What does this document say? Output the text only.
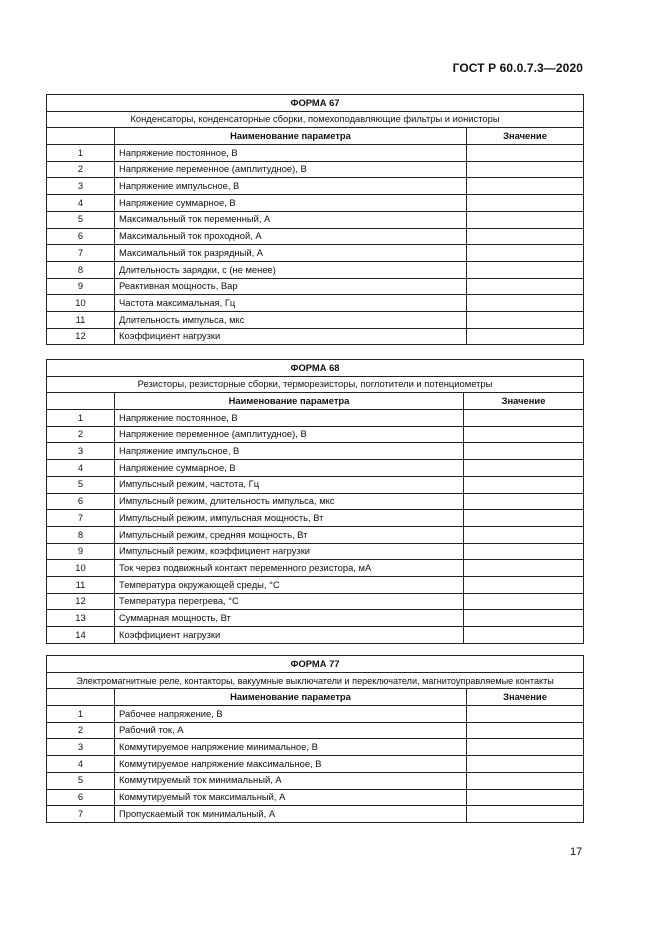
ГОСТ Р 60.0.7.3—2020
ФОРМА 67		
Конденсаторы, конденсаторные сборки, помехоподавляющие фильтры и ионисторы		
	Наименование параметра	Значение
1	Напряжение постоянное, В	
2	Напряжение переменное (амплитудное), В	
3	Напряжение импульсное, В	
4	Напряжение суммарное, В	
5	Максимальный ток переменный, А	
6	Максимальный ток проходной, А	
7	Максимальный ток разрядный, А	
8	Длительность зарядки, с (не менее)	
9	Реактивная мощность, Вар	
10	Частота максимальная, Гц	
11	Длительность импульса, мкс	
12	Коэффициент нагрузки	
ФОРМА 68		
Резисторы, резисторные сборки, терморезисторы, поглотители и потенциометры		
	Наименование параметра	Значение
1	Напряжение постоянное, В	
2	Напряжение переменное (амплитудное), В	
3	Напряжение импульсное, В	
4	Напряжение суммарное, В	
5	Импульсный режим, частота, Гц	
6	Импульсный режим, длительность импульса, мкс	
7	Импульсный режим, импульсная мощность, Вт	
8	Импульсный режим, средняя мощность, Вт	
9	Импульсный режим, коэффициент нагрузки	
10	Ток через подвижный контакт переменного резистора, мА	
11	Температура окружающей среды, °С	
12	Температура перегрева, °С	
13	Суммарная мощность, Вт	
14	Коэффициент нагрузки	
ФОРМА 77		
Электромагнитные реле, контакторы, вакуумные выключатели и переключатели, магнитоуправляемые контакты		
	Наименование параметра	Значение
1	Рабочее напряжение, В	
2	Рабочий ток, А	
3	Коммутируемое напряжение минимальное, В	
4	Коммутируемое напряжение максимальное, В	
5	Коммутируемый ток минимальный, А	
6	Коммутируемый ток максимальный, А	
7	Пропускаемый ток минимальный, А	
17
